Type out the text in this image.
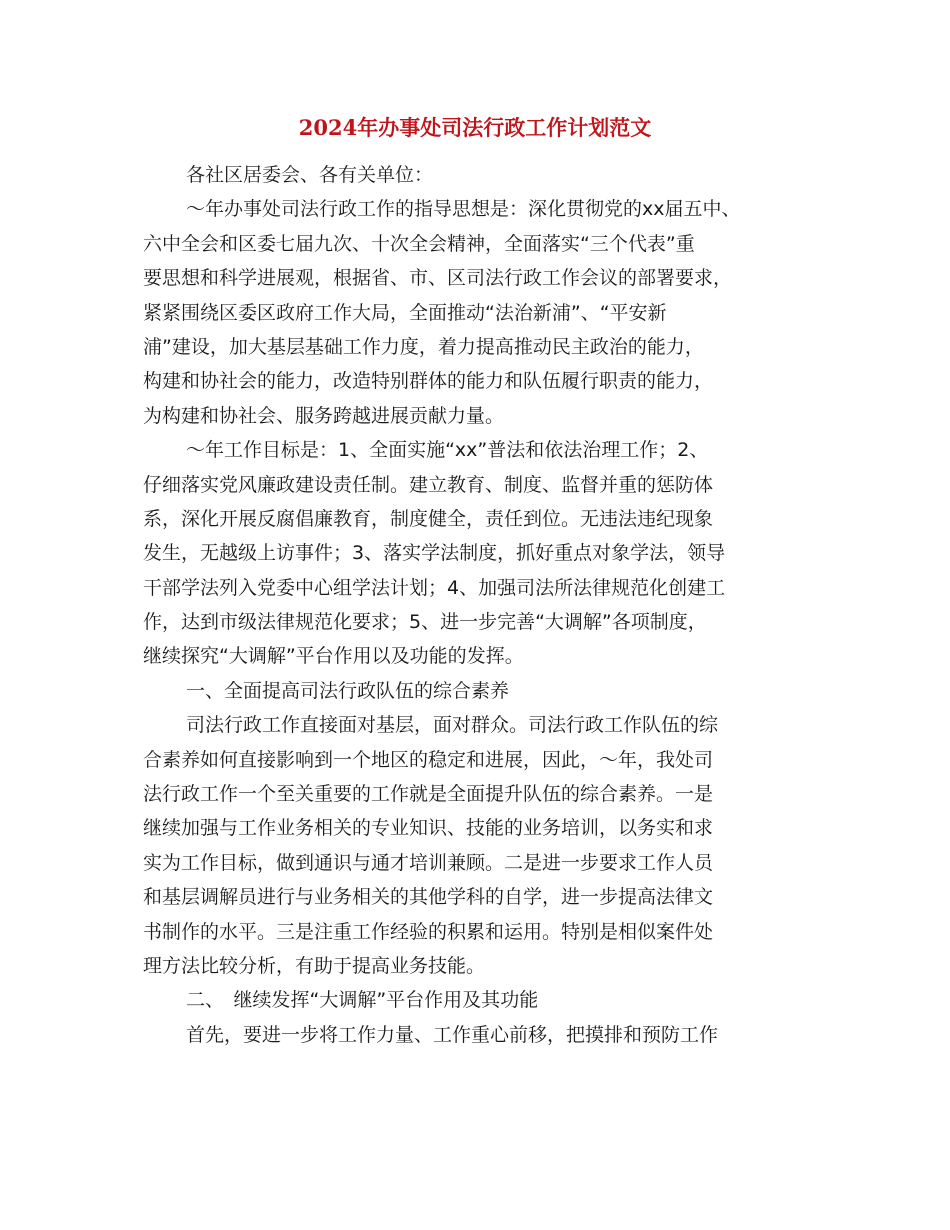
2024年办事处司法行政工作计划范文
各社区居委会、各有关单位：
～年办事处司法行政工作的指导思想是：深化贯彻党的xx届五中、
六中全会和区委七届九次、十次全会精神，全面落实“三个代表”重
要思想和科学进展观，根据省、市、区司法行政工作会议的部署要求，
紧紧围绕区委区政府工作大局，全面推动“法治新浦”、“平安新
浦”建设，加大基层基础工作力度，着力提高推动民主政治的能力，
构建和协社会的能力，改造特别群体的能力和队伍履行职责的能力，
为构建和协社会、服务跨越进展贡献力量。
～年工作目标是：1、全面实施“xx”普法和依法治理工作；2、
仔细落实党风廉政建设责任制。建立教育、制度、监督并重的惩防体
系，深化开展反腐倡廉教育，制度健全，责任到位。无违法违纪现象
发生，无越级上访事件；3、落实学法制度，抓好重点对象学法，领导
干部学法列入党委中心组学法计划；4、加强司法所法律规范化创建工
作，达到市级法律规范化要求；5、进一步完善“大调解”各项制度，
继续探究“大调解”平台作用以及功能的发挥。
一、全面提高司法行政队伍的综合素养
司法行政工作直接面对基层，面对群众。司法行政工作队伍的综
合素养如何直接影响到一个地区的稳定和进展，因此，～年，我处司
法行政工作一个至关重要的工作就是全面提升队伍的综合素养。一是
继续加强与工作业务相关的专业知识、技能的业务培训，以务实和求
实为工作目标，做到通识与通才培训兼顾。二是进一步要求工作人员
和基层调解员进行与业务相关的其他学科的自学，进一步提高法律文
书制作的水平。三是注重工作经验的积累和运用。特别是相似案件处
理方法比较分析，有助于提高业务技能。
二、　继续发挥“大调解”平台作用及其功能
首先，要进一步将工作力量、工作重心前移，把摸排和预防工作
